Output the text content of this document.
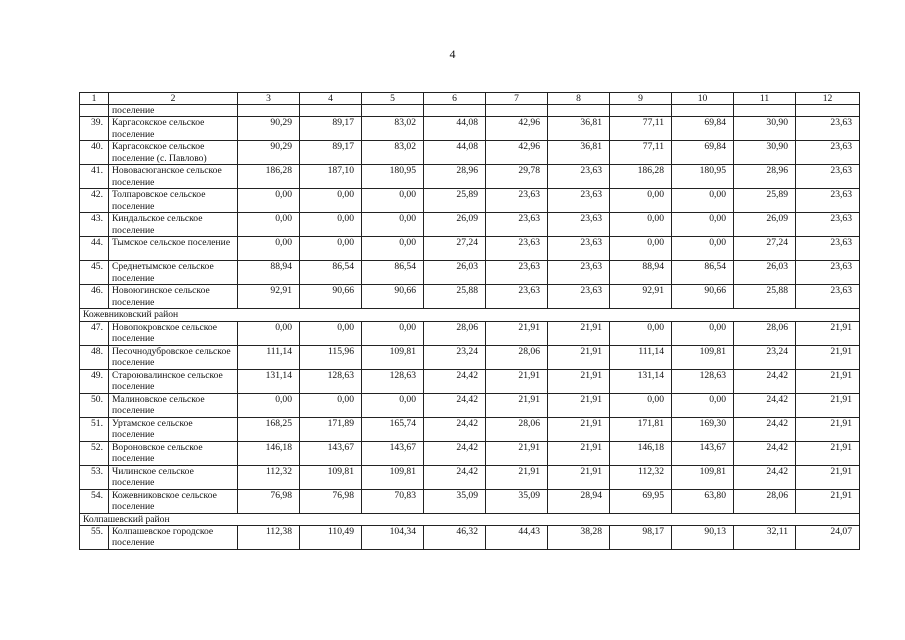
4
1	2	3	4	5	6	7	8	9	10	11	12
	поселение										
39.	Каргасокское сельское поселение	90,29	89,17	83,02	44,08	42,96	36,81	77,11	69,84	30,90	23,63
40.	Каргасокское сельское поселение (с. Павлово)	90,29	89,17	83,02	44,08	42,96	36,81	77,11	69,84	30,90	23,63
41.	Нововасюганское сельское поселение	186,28	187,10	180,95	28,96	29,78	23,63	186,28	180,95	28,96	23,63
42.	Толпаровское сельское поселение	0,00	0,00	0,00	25,89	23,63	23,63	0,00	0,00	25,89	23,63
43.	Киндальское сельское поселение	0,00	0,00	0,00	26,09	23,63	23,63	0,00	0,00	26,09	23,63
44.	Тымское сельское поселение	0,00	0,00	0,00	27,24	23,63	23,63	0,00	0,00	27,24	23,63
45.	Среднетымское сельское поселение	88,94	86,54	86,54	26,03	23,63	23,63	88,94	86,54	26,03	23,63
46.	Новоюгинское сельское поселение	92,91	90,66	90,66	25,88	23,63	23,63	92,91	90,66	25,88	23,63
Кожевниковский район											
47.	Новопокровское сельское поселение	0,00	0,00	0,00	28,06	21,91	21,91	0,00	0,00	28,06	21,91
48.	Песочнодубровское сельское поселение	111,14	115,96	109,81	23,24	28,06	21,91	111,14	109,81	23,24	21,91
49.	Староювалинское сельское поселение	131,14	128,63	128,63	24,42	21,91	21,91	131,14	128,63	24,42	21,91
50.	Малиновское сельское поселение	0,00	0,00	0,00	24,42	21,91	21,91	0,00	0,00	24,42	21,91
51.	Уртамское сельское поселение	168,25	171,89	165,74	24,42	28,06	21,91	171,81	169,30	24,42	21,91
52.	Вороновское сельское поселение	146,18	143,67	143,67	24,42	21,91	21,91	146,18	143,67	24,42	21,91
53.	Чилинское сельское поселение	112,32	109,81	109,81	24,42	21,91	21,91	112,32	109,81	24,42	21,91
54.	Кожевниковское сельское поселение	76,98	76,98	70,83	35,09	35,09	28,94	69,95	63,80	28,06	21,91
Колпашевский район											
55.	Колпашевское городское поселение	112,38	110,49	104,34	46,32	44,43	38,28	98,17	90,13	32,11	24,07
